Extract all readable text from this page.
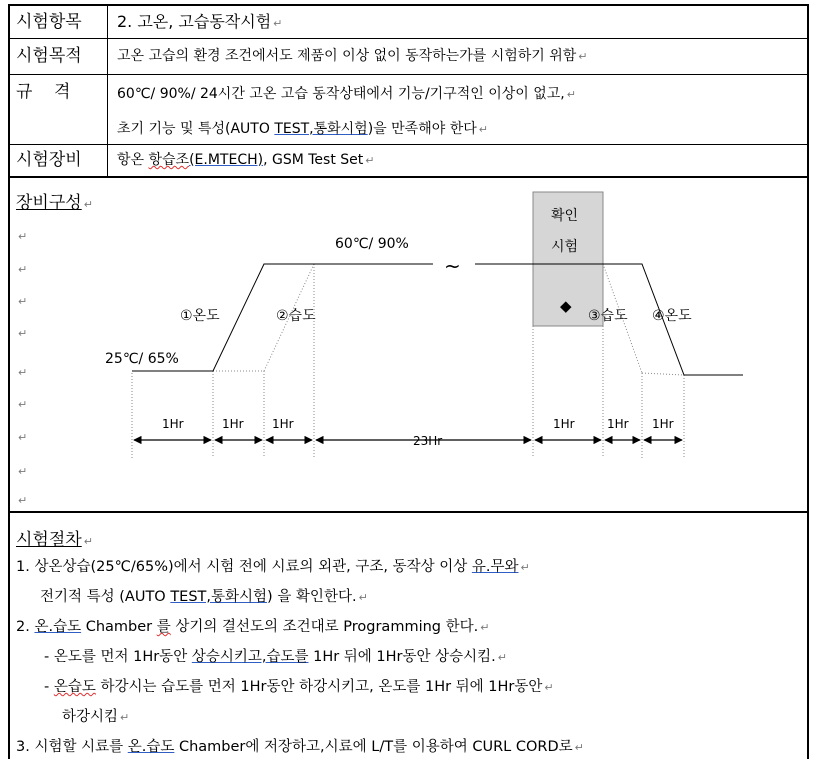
시험항목	2. 고온, 고습동작시험 ↵
시험목적	고온 고습의 환경 조건에서도 제품이 이상 없이 동작하는가를 시험하기 위함 ↵
규    격	60℃/ 90%/ 24시간 고온 고습 동작상태에서 기능/기구적인 이상이 없고, ↵
초기 기능 및 특성(AUTO TEST,통화시험)을 만족해야 한다 ↵
시험장비	항온 항습조(E.MTECH), GSM Test Set ↵
장비구성 ↵
↵
↵
↵
↵
↵
↵
↵
↵
↵
~
60℃/ 90%
25℃/ 65%
확인
시험
◆
①온도	②습도	③습도 ④온도
1Hr	1Hr 1Hr
23Hr
1Hr	1Hr 1Hr
시험절차 ↵
1. 상온상습(25℃/65%)에서 시험 전에 시료의 외관, 구조, 동작상 이상 유.무와 ↵
전기적 특성 (AUTO TEST,통화시험) 을 확인한다. ↵
2. 온.습도 Chamber 를 상기의 결선도의 조건대로 Programming 한다. ↵
- 온도를 먼저 1Hr동안 상승시키고,습도를 1Hr 뒤에 1Hr동안 상승시킴. ↵
- 온습도 하강시는 습도를 먼저 1Hr동안 하강시키고, 온도를 1Hr 뒤에 1Hr동안 ↵
하강시킴 ↵
3. 시험할 시료를 온.습도 Chamber에 저장하고,시료에 L/T를 이용하여 CURL CORD로 ↵
